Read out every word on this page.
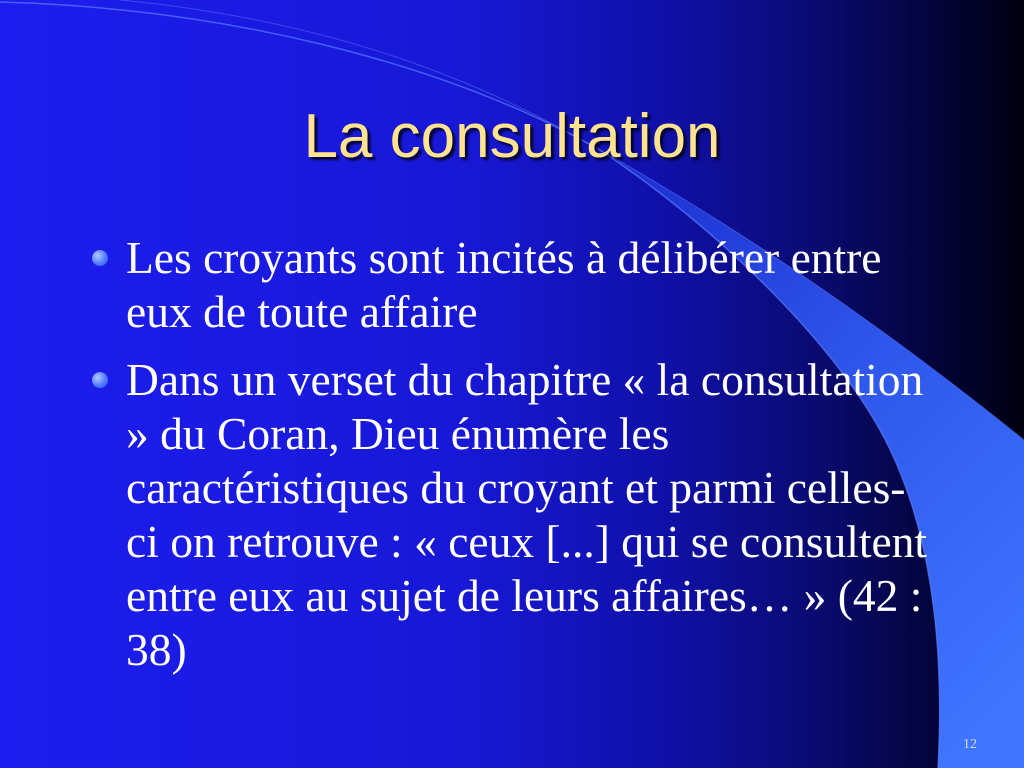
La consultation
Les croyants sont incités à délibérer entre eux de toute affaire
Dans un verset du chapitre « la consultation » du Coran, Dieu énumère les caractéristiques du croyant et parmi celles-ci on retrouve : « ceux [...] qui se consultent entre eux au sujet de leurs affaires… » (42 : 38)
12
